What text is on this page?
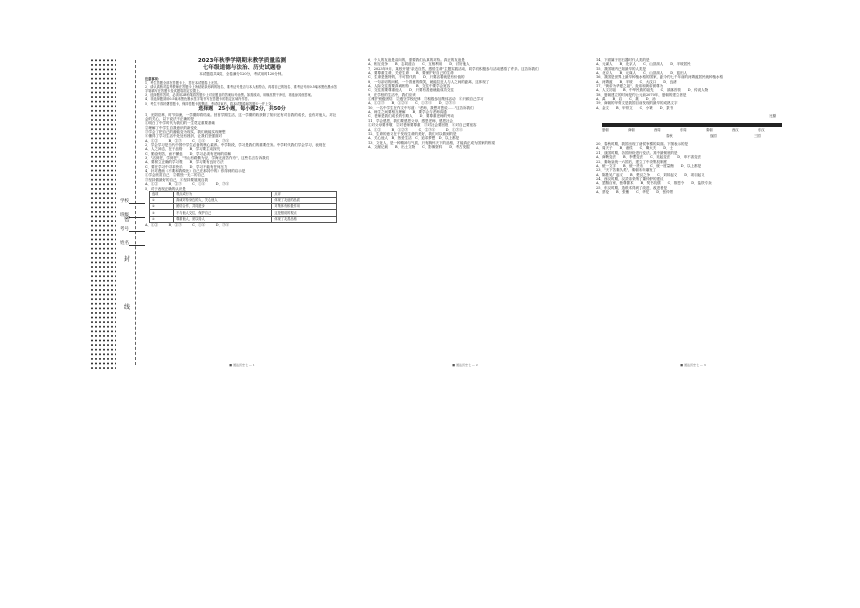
学校
班级
考号
姓名
密
封
线
2023年秋季学期期末教学质量监测
七年级道德与法治、历史试题卷
本试题卷共4页，全卷满分120分，考试用时120分钟。
注意事项：
1．考生答题全部在答题卡上，答在本试题卷上无效。
2．请认真核对监考教师在答题卡上所粘贴条形码的姓名、准考证号是否与本人相符合，再将自己的姓名、准考证号用0.5毫米黑色墨水签字笔填写在答题卡及试题卷指定位置上。
3．选择题作答时，必须用2B铅笔将答题卡上对应题目的答案标号涂黑。如需改动，用橡皮擦干净后，再选涂其他答案。
4．非选择题须用0.5毫米黑色墨水签字笔书写在答题卡的指定区域内作答。
5．考生不得折叠答题卡，保持答题卡的整洁，考试结束后，将本试题卷和答题卡一并上交。
选择题　25小题，每小题2分，共50分
1．光阴荏苒，时节如流，一学期即将结束。回首学期生活，这一学期的收获除了知识还有对自我的成长，也有对他人、对社会的关心，以下说法不正确的是
①明白了中学时代为我们的一生奠定重要基础
②理解了中学生自我意识的新变化
③学会了把自己的潜能变为现实，我们就能实现理想
④懂得了学习生活中处处有挫折，让我们坚强面对
A．①②　　　B．②③　　　C．①④　　　D．③④
2．学会学习是当代中国中学生必备的核心素养。中学阶段，学习是我们的重要任务。中学时代我们学会学习，表现在
A．人之神态，在于品格　　B．学习要主动探究
C．勤奋刻苦，而不懈怠　　D．学习必须有老师的讲解
3．"活到老，学到老"，"书山有路勤为径，学海无涯苦作舟"，这些名言告诉我们
A．要树立正确的学习观　　B．学习要有良好方法
C．要在学习中寻求快乐　　D．学习不能有任何压力
4．针对漫画《不要和我做比》自己在那其中的》你得到的启示是
①学会欣赏自己　②做独一无二的自己
③坚持做最好的自己　④坚持要展现自我
A．①②　　　B．②③　　　C．①④　　　D．③④
5．对于表现正确的认识是
选项	观点或行为	点评
①	真诚对待身边的人，关心他人	体现了友谊的品质
②	团结合作，共同进步	对集体有积极作用
③	不与他人交往，保护自己	这是错误的观点
④	尊重他人，宽以待人	体现了友善品格
A．①②　　　B．②③　　　C．①④　　　D．③④
■ 道法历史七 — 1
6．个人的友谊是双向的，需要我们认真的对待。真正的友谊是
A．相互竞争　　B．志同道合　　C．互相利用　　D．讨好他人
7．2023年9月，某校开展"亲近自然，感悟生命"主题实践活动，同学们积极参与活动感悟了许多。这告诉我们
A．要尊重生命，关爱生命　　B．要保护好自己的生命
C．生命是独特的，不可替代的　　D．只要活着就是有价值的
8．一句亲切的问候，一个善意的微笑，就能拉近人与人之间的距离，这体现了
A．人际交往需要真诚相待　　B．交往中要学会宽容
C．交往需要尊重他人　　D．只要有善意就能成功交往
9．在学校的生活中，我们应该
①维护班级团结　②遵守学校纪律　③积极参加集体活动　④只顾自己学习
A．①②③　　B．①②④　　C．①③④　　D．②③④
10．一名中学生在作文中写道："老师，我想对您说……"这告诉我们
A．师生之间要相互理解　　B．要学会与老师沟通
C．老师是我们成长的引路人　　D．要尊重老师的劳动
11．学会感恩，我们要感恩父母、感恩老师、感恩社会
①对父母要孝敬　②对老师要尊重　③对社会要回报　④对自己要宽容
A．①②　　　B．①②③　　　C．②③④　　　D．①③④
12．生命的意义在于发现生命的美好，我们可以做到的是
A．关心他人　B．热爱生活　C．追求梦想　D．以上都是
13．文化人，是一种精神与气质，只有胸怀天下的品格，才能真正成为国家的栋梁
A．文献记载　　B．出土文物　　C．影像资料　　D．考古发掘
■ 道法历史七 — 2
14．下面属于旧石器时代人类的是
A．元谋人　　B．北京人　　C．山顶洞人　　D．半坡居民
15．我国境内已知最早的人类是
A．北京人　　B．元谋人　　C．山顶洞人　　D．蓝田人
16．我国是世界上最早种植水稻的国家，距今约七千年前的河姆渡居民就种植水稻
A．河姆渡　　B．半坡　　C．大汶口　　D．良渚
17．"黄帝为华夏之祖"，炎帝和黄帝被尊为
A．人文初祖　　B．中华民族的祖先　　C．部落首领　　D．传说人物
18．夏朝建立的时间是约公元前2070年，夏朝的建立者是
A．禹　　B．启　　C．桀　　D．汤
19．商朝的甲骨文是我国目前发现的最早的成熟文字
A．金文　　B．甲骨文　　C．小篆　　D．隶书
比额
夏朝	商朝	西周	东周	秦朝	西汉	东汉
春秋	战国	三国
20．春秋时期，我国出现了诸侯争霸的局面。下图表示的是
A．周天子　　B．诸侯　　C．卿大夫　　D．士
21．战国时期，各国纷纷进行变法。其中最彻底的是
A．商鞅变法　　B．李悝变法　　C．吴起变法　　D．申不害变法
22．秦始皇统一六国后，建立了中央集权制度
A．统一文字　　B．统一货币　　C．统一度量衡　　D．以上都是
23．"天下苦秦久矣"，秦朝末年爆发了
A．陈胜吴广起义　　B．楚汉之争　　C．刘邦起义　　D．项羽起义
24．西汉时期，汉武帝采纳了董仲舒的建议
A．罢黜百家，独尊儒术　　B．焚书坑儒　　C．推恩令　　D．盐铁专卖
25．东汉时期，造纸术得到了改进，改进者是
A．蔡伦　　B．张衡　　C．华佗　　D．张仲景
■ 道法历史七 — 3
